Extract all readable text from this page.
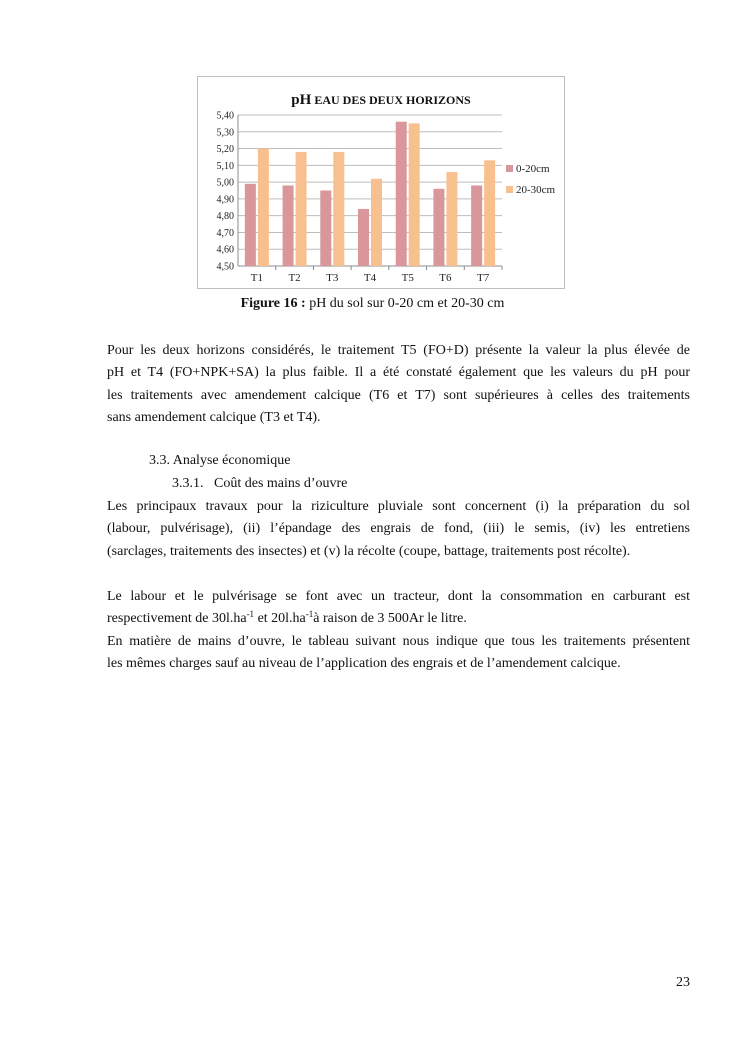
pH EAU DES DEUX HORIZONS
5,40
5,30
5,20
5,10
5,00
4,90
4,80
4,70
4,60
4,50
T1 T2 T3 T4 T5 T6 T7
0-20cm
20-30cm
Figure 16 : pH du sol sur 0-20 cm et 20-30 cm
Pour les deux horizons considérés, le traitement T5 (FO+D) présente la valeur la plus élevée de
pH et T4 (FO+NPK+SA) la plus faible. Il a été constaté également que les valeurs du pH pour
les traitements avec amendement calcique (T6 et T7) sont supérieures à celles des traitements
sans amendement calcique (T3 et T4).
3.3. Analyse économique
3.3.1. Coût des mains d’ouvre
Les principaux travaux pour la riziculture pluviale sont concernent (i) la préparation du sol
(labour, pulvérisage), (ii) l’épandage des engrais de fond, (iii) le semis, (iv) les entretiens
(sarclages, traitements des insectes) et (v) la récolte (coupe, battage, traitements post récolte).
Le labour et le pulvérisage se font avec un tracteur, dont la consommation en carburant est
respectivement de $30l.ha^{-1}$ et $20l.ha^{-1}à$ raison de 3 500Ar le litre.
En matière de mains d’ouvre, le tableau suivant nous indique que tous les traitements présentent
les mêmes charges sauf au niveau de l’application des engrais et de l’amendement calcique.
23
